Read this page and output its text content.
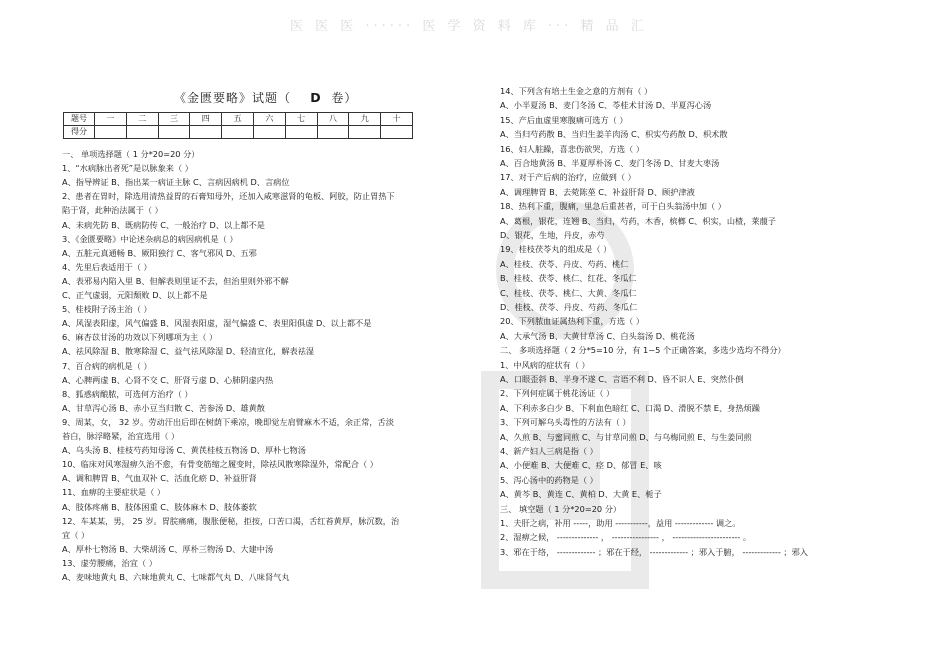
医 医 医 ······ 医 学 资 料 库 ··· 精 品 汇
《金匮要略》试题（ D 卷）
题号	一	二	三	四	五	六	七	八	九	十
得分										
一、 单项选择题（ 1 分*20=20 分）
1、“水病脉出者死”是以脉象来（ ）
A、指导辨证 B、指出某一病证主脉 C、言病因病机 D、言病位
2、患者在胃时，除选用清热益胃的石膏知母外，还加入咸寒滋肾的龟板、阿胶，防止胃热下
陷于肾，此种治法属于（ ）
A、未病先防 B、既病防传 C、一般治疗 D、以上都不是
3、《金匮要略》中论述杂病总的病因病机是（ ）
A、五脏元真通畅 B、厥阳独行 C、客气邪风 D、五邪
4、先里后表适用于（ ）
A、表邪易内陷入里 B、但解表则里证不去，但治里则外邪不解
C、正气虚弱，元阳颓败 D、以上都不是
5、桂枝附子汤主治（ ）
A、风湿表阳虚，风气偏盛 B、风湿表阳虚，湿气偏盛 C、表里阳俱虚 D、以上都不是
6、麻杏苡甘汤的功效以下列哪项为主（ ）
A、祛风除湿 B、散寒除湿 C、益气祛风除湿 D、轻清宣化，解表祛湿
7、百合病的病机是（ ）
A、心脾两虚 B、心肾不交 C、肝肾亏虚 D、心肺阴虚内热
8、狐惑病酿脓，可选何方治疗（ ）
A、甘草泻心汤 B、赤小豆当归散 C、苦参汤 D、雄黄散
9、周某，女， 32 岁。劳动汗出后即在树荫下乘凉，晚即觉左肩臂麻木不适，余正常，舌淡
苔白，脉浮略紧，治宜选用（ ）
A、乌头汤 B、桂枝芍药知母汤 C、黄芪桂枝五物汤 D、厚朴七物汤
10、临床对风寒湿痹久治不愈，有骨变筋缩之履变时，除祛风散寒除湿外，常配合（ ）
A、调和脾胃 B、气血双补 C、活血化瘀 D、补益肝肾
11、血痹的主要症状是（ ）
A、肢体疼痛 B、肢体困重 C、肢体麻木 D、肢体萎软
12、车某某，男， 25 岁。胃脘痛痛，腹胀便秘，拒按，口苦口渴，舌红苔黄厚，脉沉数，治
宜（ ）
A、厚朴七物汤 B、大柴胡汤 C、厚朴三物汤 D、大建中汤
13、虚劳腰痛，治宜（ ）
A、麦味地黄丸 B、六味地黄丸 C、七味都气丸 D、八味肾气丸
14、下列含有培土生金之意的方剂有（ ）
A、小半夏汤 B、麦门冬汤 C、苓桂术甘汤 D、半夏泻心汤
15、产后血虚里寒腹痛可选方（ ）
A、当归芍药散 B、当归生姜羊肉汤 C、枳实芍药散 D、枳术散
16、妇人脏躁，喜悲伤欲哭，方选（ ）
A、百合地黄汤 B、半夏厚朴汤 C、麦门冬汤 D、甘麦大枣汤
17、对于产后病的治疗，应做到（ ）
A、调理脾胃 B、去菀陈莝 C、补益肝肾 D、顾护津液
18、热利下重，腹痛，里急后重甚者，可于白头翁汤中加（ ）
A、葛根，银花，连翘 B、当归，芍药，木香，槟榔 C、枳实，山楂，莱菔子
D、银花，生地，丹皮，赤芍
19、桂枝茯苓丸的组成是（ ）
A、桂枝、茯苓、丹皮、芍药、桃仁
B、桂枝、茯苓、桃仁、红花、冬瓜仁
C、桂枝、茯苓、桃仁、大黄、冬瓜仁
D、桂枝、茯苓、丹皮、芍药、冬瓜仁
20、下列脓血证属热利下重，方选（ ）
A、大承气汤 B、大黄甘草汤 C、白头翁汤 D、桃花汤
二、 多项选择题（ 2 分*5=10 分，有 1~5 个正确答案，多选少选均不得分）
1、中风病的症状有（ ）
A、口眼歪斜 B、半身不遂 C、言语不利 D、昏不识人 E、突然仆倒
2、下列何症属于桃花汤证（ ）
A、下利赤多白少 B、下利血色暗红 C、口渴 D、滑脱不禁 E、身热烦躁
3、下列可解乌头毒性的方法有（ ）
A、久煎 B、与蜜同煎 C、与甘草同煎 D、与乌梅同煎 E、与生姜同煎
4、新产妇人三病是指（ ）
A、小便难 B、大便难 C、痉 D、郁冒 E、咳
5、泻心汤中的药物是（ ）
A、黄芩 B、黄连 C、黄柏 D、大黄 E、栀子
三、 填空题（ 1 分*20=20 分）
1、夫肝之病，补用 -----，助用 -----------，益用 ------------- 调之。
2、湿痹之候， -------------- ， ---------------- ， ----------------------- 。
3、邪在于络， ------------- ；邪在于经， ------------- ；邪入于腑， ------------- ；邪入
